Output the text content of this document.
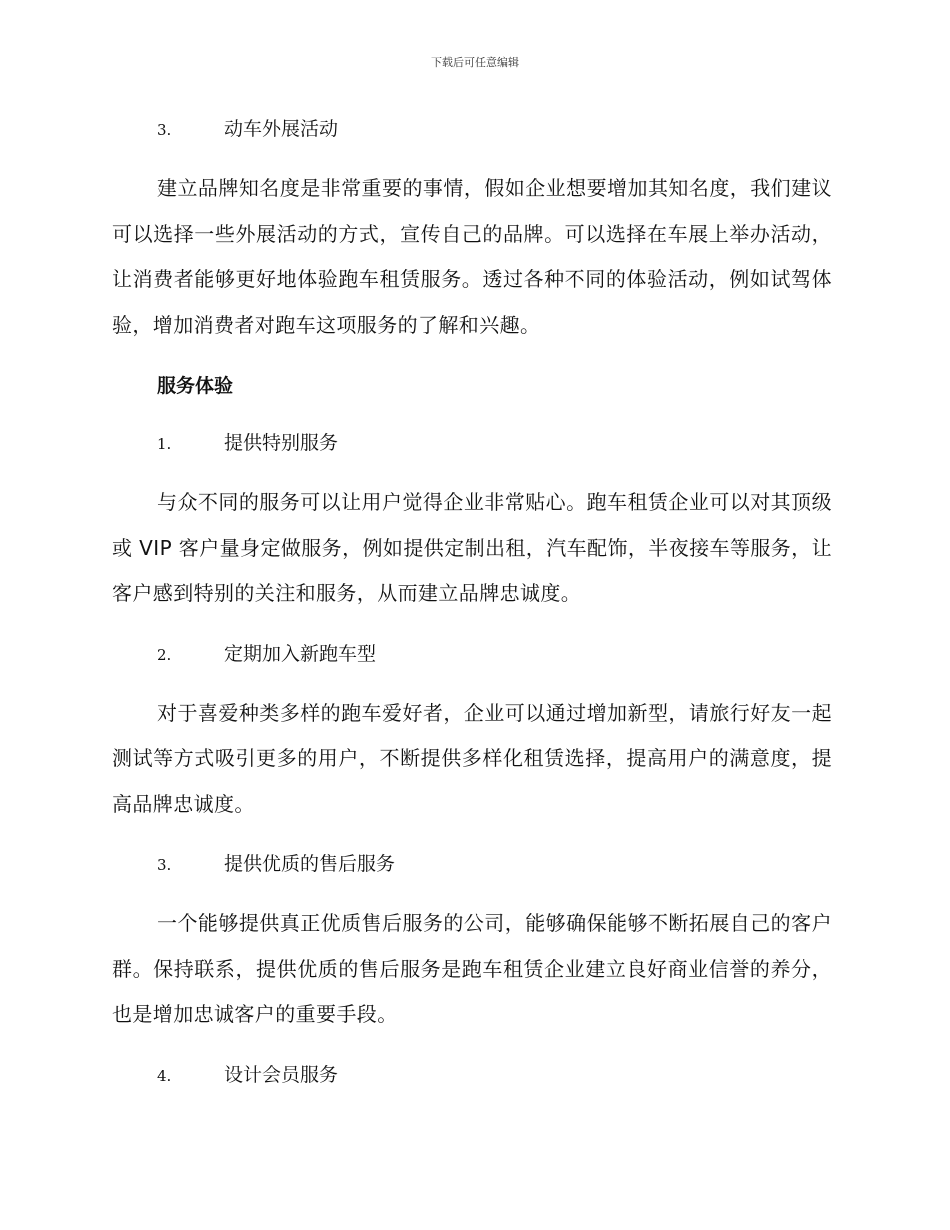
下载后可任意编辑
3.	动车外展活动

建立品牌知名度是非常重要的事情，假如企业想要增加其知名度，我们建议可以选择一些外展活动的方式，宣传自己的品牌。可以选择在车展上举办活动，让消费者能够更好地体验跑车租赁服务。透过各种不同的体验活动，例如试驾体验，增加消费者对跑车这项服务的了解和兴趣。

服务体验
1.	提供特别服务

与众不同的服务可以让用户觉得企业非常贴心。跑车租赁企业可以对其顶级或 VIP 客户量身定做服务，例如提供定制出租，汽车配饰，半夜接车等服务，让客户感到特别的关注和服务，从而建立品牌忠诚度。

2.	定期加入新跑车型

对于喜爱种类多样的跑车爱好者，企业可以通过增加新型，请旅行好友一起测试等方式吸引更多的用户，不断提供多样化租赁选择，提高用户的满意度，提高品牌忠诚度。

3.	提供优质的售后服务

一个能够提供真正优质售后服务的公司，能够确保能够不断拓展自己的客户群。保持联系，提供优质的售后服务是跑车租赁企业建立良好商业信誉的养分，也是增加忠诚客户的重要手段。

4.	设计会员服务
